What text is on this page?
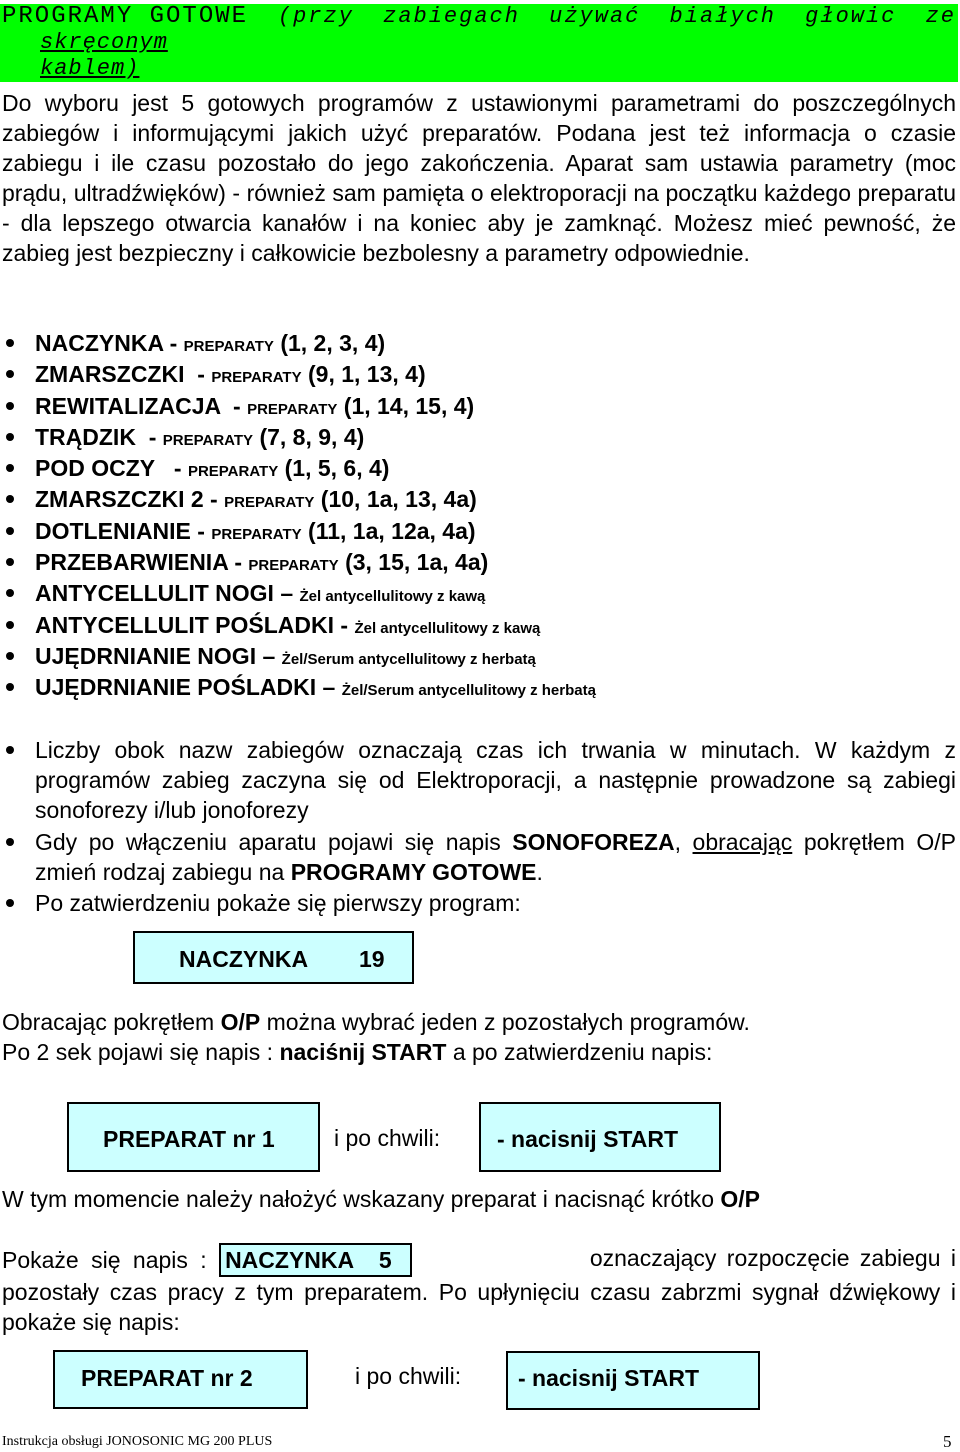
PROGRAMY GOTOWE (przy zabiegach używać białych głowic ze
skręconym kablem)
Do wyboru jest 5 gotowych programów z ustawionymi parametrami do poszczególnych zabiegów i informującymi jakich użyć preparatów. Podana jest też informacja o czasie zabiegu i ile czasu pozostało do jego zakończenia. Aparat sam ustawia parametry (moc prądu, ultradźwięków) - również sam pamięta o elektroporacji na początku każdego preparatu - dla lepszego otwarcia kanałów i na koniec aby je zamknąć. Możesz mieć pewność, że zabieg jest bezpieczny i całkowicie bezbolesny a parametry odpowiednie.
NACZYNKA - PREPARATY (1, 2, 3, 4)
ZMARSZCZKI  - PREPARATY (9, 1, 13, 4)
REWITALIZACJA  - PREPARATY (1, 14, 15, 4)
TRĄDZIK  - PREPARATY (7, 8, 9, 4)
POD OCZY   - PREPARATY (1, 5, 6, 4)
ZMARSZCZKI 2 - PREPARATY (10, 1a, 13, 4a)
DOTLENIANIE - PREPARATY (11, 1a, 12a, 4a)
PRZEBARWIENIA - PREPARATY (3, 15, 1a, 4a)
ANTYCELLULIT NOGI – Żel antycellulitowy z kawą
ANTYCELLULIT POŚLADKI - Żel antycellulitowy z kawą
UJĘDRNIANIE NOGI – Żel/Serum antycellulitowy z herbatą
UJĘDRNIANIE POŚLADKI – Żel/Serum antycellulitowy z herbatą
Liczby obok nazw zabiegów oznaczają czas ich trwania w minutach. W każdym z programów zabieg zaczyna się od Elektroporacji, a następnie prowadzone są zabiegi sonoforezy i/lub jonoforezy
Gdy po włączeniu aparatu pojawi się napis SONOFOREZA, obracając pokrętłem O/P zmień rodzaj zabiegu na PROGRAMY GOTOWE.
Po zatwierdzeniu pokaże się pierwszy program:
NACZYNKA 19
Obracając pokrętłem O/P można wybrać jeden z pozostałych programów.
Po 2 sek pojawi się napis : naciśnij START a po zatwierdzeniu napis:
PREPARAT nr 1	i po chwili: - nacisnij START
W tym momencie należy nałożyć wskazany preparat i nacisnąć krótko O/P
Pokaże się napis : NACZYNKA    5	oznaczający rozpoczęcie zabiegu i
pozostały czas pracy z tym preparatem. Po upłynięciu czasu zabrzmi sygnał dźwiękowy i pokaże się napis:
PREPARAT nr 2	i po chwili: - nacisnij START
Instrukcja obsługi JONOSONIC MG 200 PLUS	5
